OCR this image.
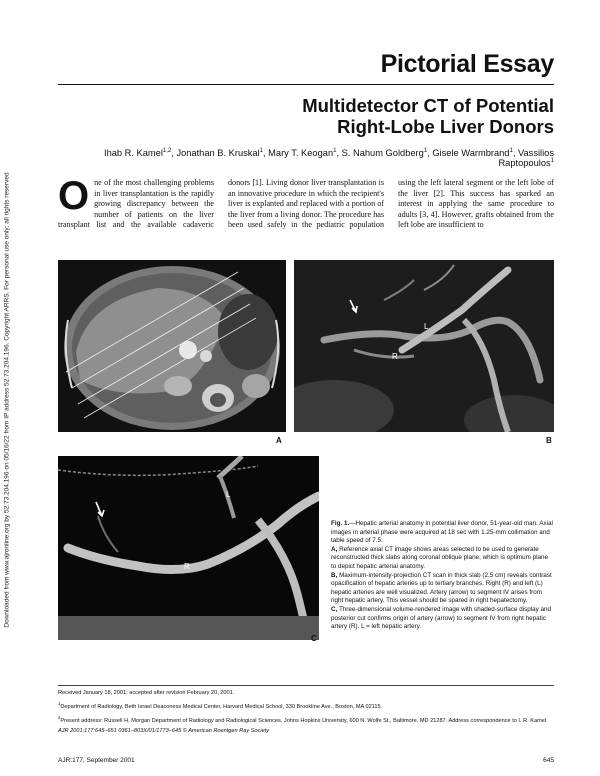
Downloaded from www.ajronline.org by 52.73.204.196 on 05/16/22 from IP address 52.73.204.196. Copyright ARRS. For personal use only; all rights reserved
Pictorial Essay
Multidetector CT of Potential
Right-Lobe Liver Donors
Ihab R. Kamel$^{1,2}$, Jonathan B. Kruskal$^1$, Mary T. Keogan$^1$, S. Nahum Goldberg$^1$, Gisele Warmbrand$^1$, Vassilios Raptopoulos$^1$
One of the most challenging problems in liver transplantation is the rapidly growing discrepancy between the number of patients on the liver transplant list and the available cadaveric donors [1]. Living donor liver transplantation is an innovative procedure in which the recipient's liver is explanted and replaced with a portion of the liver from a living donor. The procedure has been used safely in the pediatric population using the left lateral segment or the left lobe of the liver [2]. This success has sparked an interest in applying the same procedure to adults [3, 4]. However, grafts obtained from the left lobe are insufficient to
A
L
R
B
L
R
C

Fig. 1.—Hepatic arterial anatomy in potential liver donor, 51-year-old man. Axial images in arterial phase were acquired at 18 sec with 1.25-mm collimation and table speed of 7.5.

A, Reference axial CT image shows areas selected to be used to generate reconstructed thick slabs along coronal oblique plane, which is optimum plane to depict hepatic arterial anatomy.

B, Maximum-intensity-projection CT scan in thick slab (2.5 cm) reveals contrast opacification of hepatic arteries up to tertiary branches. Right (R) and left (L) hepatic arteries are well visualized. Artery (arrow) to segment IV arises from right hepatic artery. This vessel should be spared in right hepatectomy.

C, Three-dimensional volume-rendered image with shaded-surface display and posterior cut confirms origin of artery (arrow) to segment IV from right hepatic artery (R). L = left hepatic artery.

Received January 18, 2001; accepted after revision February 20, 2001.

$^1$Department of Radiology, Beth Israel Deaconess Medical Center, Harvard Medical School, 330 Brookline Ave., Boston, MA 02115.

$^2$Present address: Russell H. Morgan Department of Radiology and Radiological Sciences, Johns Hopkins University, 600 N. Wolfe St., Baltimore, MD 21287. Address correspondence to I. R. Kamel.

AJR 2001;177:645–651 0361–803X/01/1773–645 © American Roentgen Ray Society

AJR:177, September 2001	645
